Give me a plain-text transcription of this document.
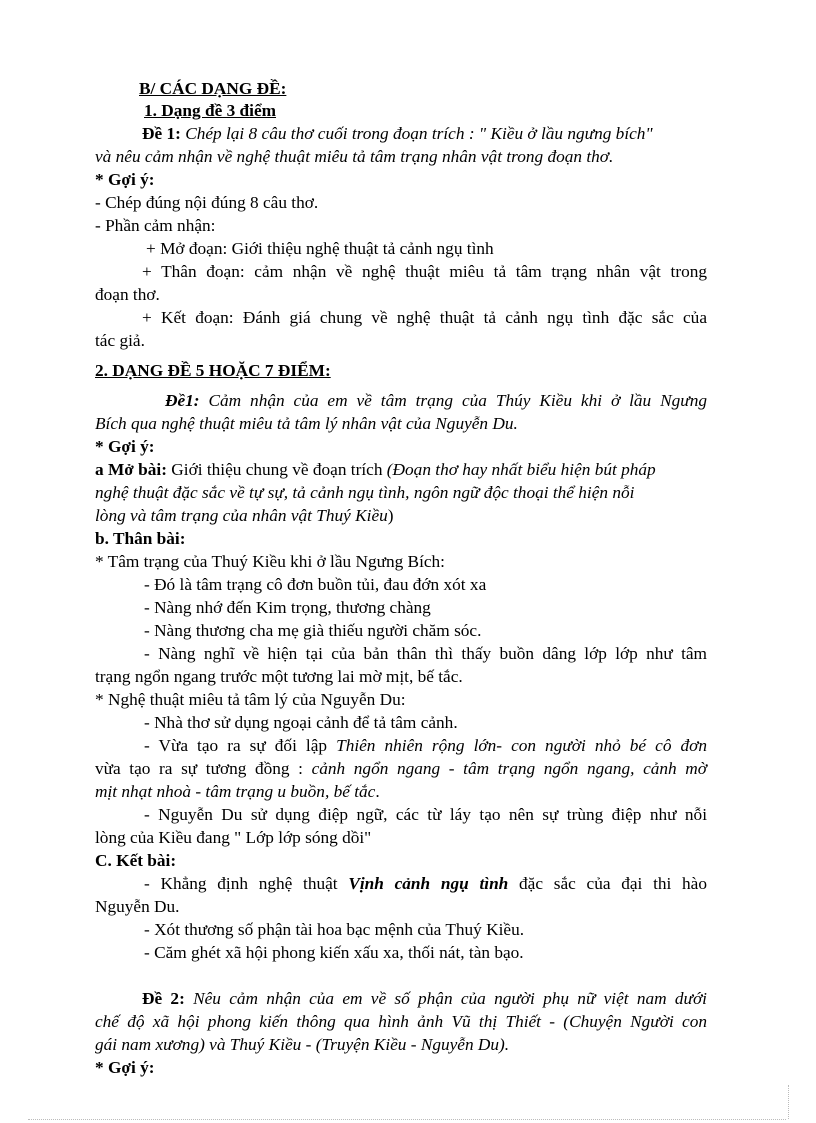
B/ CÁC DẠNG ĐỀ:
1. Dạng đề 3 điểm
Đề 1: Chép lại 8 câu thơ cuối trong đoạn trích : " Kiều ở lầu ngưng bích"
và nêu cảm nhận về nghệ thuật miêu tả tâm trạng nhân vật trong đoạn thơ.
* Gợi ý:
- Chép đúng nội đúng 8 câu thơ.
- Phần cảm nhận:
+ Mở đoạn: Giới thiệu nghệ thuật tả cảnh ngụ tình
+ Thân đoạn: cảm nhận về nghệ thuật miêu tả tâm trạng nhân vật trong
đoạn thơ.
+ Kết đoạn: Đánh giá chung về nghệ thuật tả cảnh ngụ tình đặc sắc của
tác giả.
2. DẠNG ĐỀ 5 HOẶC 7 ĐIỂM:
Đề1: Cảm nhận của em về tâm trạng của Thúy Kiều khi ở lầu Ngưng
Bích qua nghệ thuật miêu tả tâm lý nhân vật của Nguyễn Du.
* Gợi ý:
a Mở bài: Giới thiệu chung về đoạn trích (Đoạn thơ hay nhất biểu hiện bút pháp
nghệ thuật đặc sắc về tự sự, tả cảnh ngụ tình, ngôn ngữ độc thoại thể hiện nỗi
lòng và tâm trạng của nhân vật Thuý Kiều)
b. Thân bài:
* Tâm trạng của Thuý Kiều khi ở lầu Ngưng Bích:
- Đó là tâm trạng cô đơn buồn tủi, đau đớn xót xa
- Nàng nhớ đến Kim trọng, thương chàng
- Nàng thương cha mẹ già thiếu người chăm sóc.
- Nàng nghĩ về hiện tại của bản thân thì thấy buồn dâng lớp lớp như tâm
trạng ngổn ngang trước một tương lai mờ mịt, bế tắc.
* Nghệ thuật miêu tả tâm lý của Nguyễn Du:
- Nhà thơ sử dụng ngoại cảnh để tả tâm cảnh.
- Vừa tạo ra sự đối lập Thiên nhiên rộng lớn- con người nhỏ bé cô đơn
vừa tạo ra sự tương đồng : cảnh ngổn ngang - tâm trạng ngổn ngang, cảnh mờ
mịt nhạt nhoà - tâm trạng u buồn, bế tắc.
- Nguyễn Du sử dụng điệp ngữ, các từ láy tạo nên sự trùng điệp như nỗi
lòng của Kiều đang " Lớp lớp sóng dồi"
C. Kết bài:
- Khẳng định nghệ thuật Vịnh cảnh ngụ tình đặc sắc của đại thi hào
Nguyễn Du.
- Xót thương số phận tài hoa bạc mệnh của Thuý Kiều.
- Căm ghét xã hội phong kiến xấu xa, thối nát, tàn bạo.
Đề 2: Nêu cảm nhận của em về số phận của người phụ nữ việt nam dưới
chế độ xã hội phong kiến thông qua hình ảnh Vũ thị Thiết - (Chuyện Người con
gái nam xương) và Thuý Kiều - (Truyện Kiều - Nguyễn Du).
* Gợi ý:
